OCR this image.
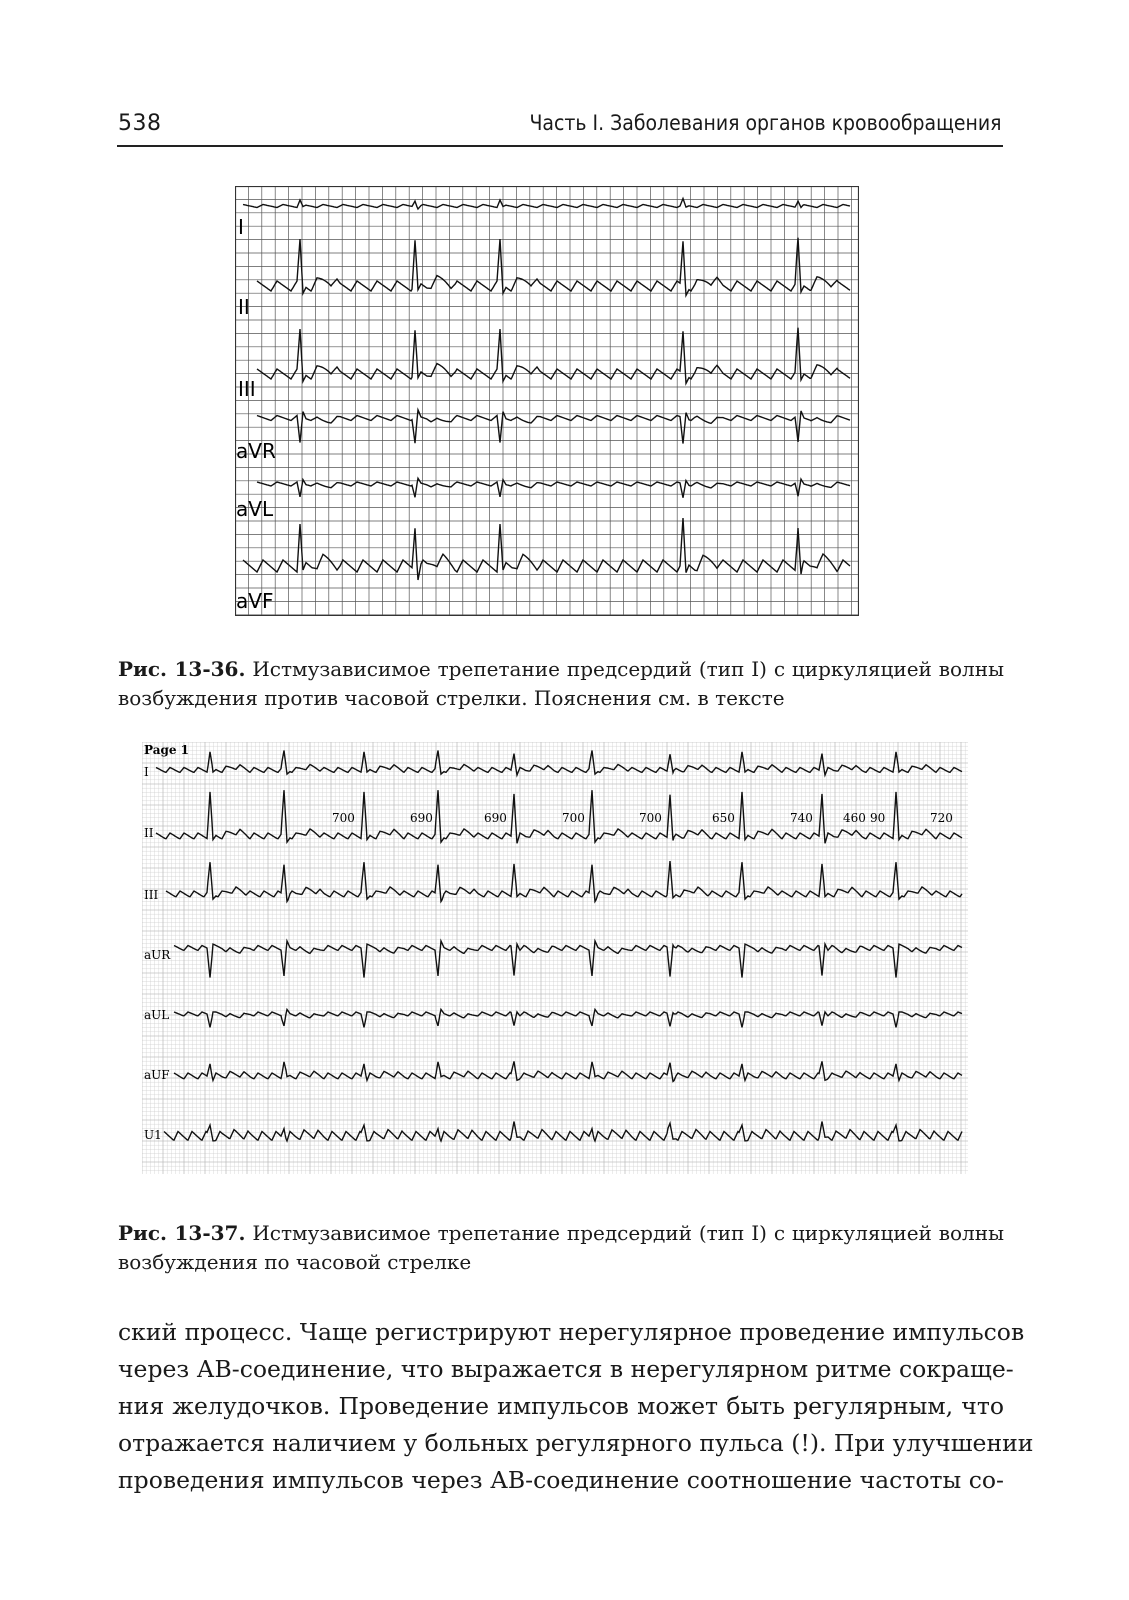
538	Часть I. Заболевания органов кровообращения
I
II
III
aVR
aVL
aVF
Рис. 13-36. Истмузависимое трепетание предсердий (тип I) с циркуляцией волны возбуждения против часовой стрелки. Пояснения см. в тексте
Page 1
I
II
III
aUR
aUL
aUF
U1
700	690	690	700	700	650	740	460 90	720
Рис. 13-37. Истмузависимое трепетание предсердий (тип I) с циркуляцией волны возбуждения по часовой стрелке
ский процесс. Чаще регистрируют нерегулярное проведение импульсов
через АВ-соединение, что выражается в нерегулярном ритме сокраще-
ния желудочков. Проведение импульсов может быть регулярным, что
отражается наличием у больных регулярного пульса (!). При улучшении
проведения импульсов через АВ-соединение соотношение частоты со-
